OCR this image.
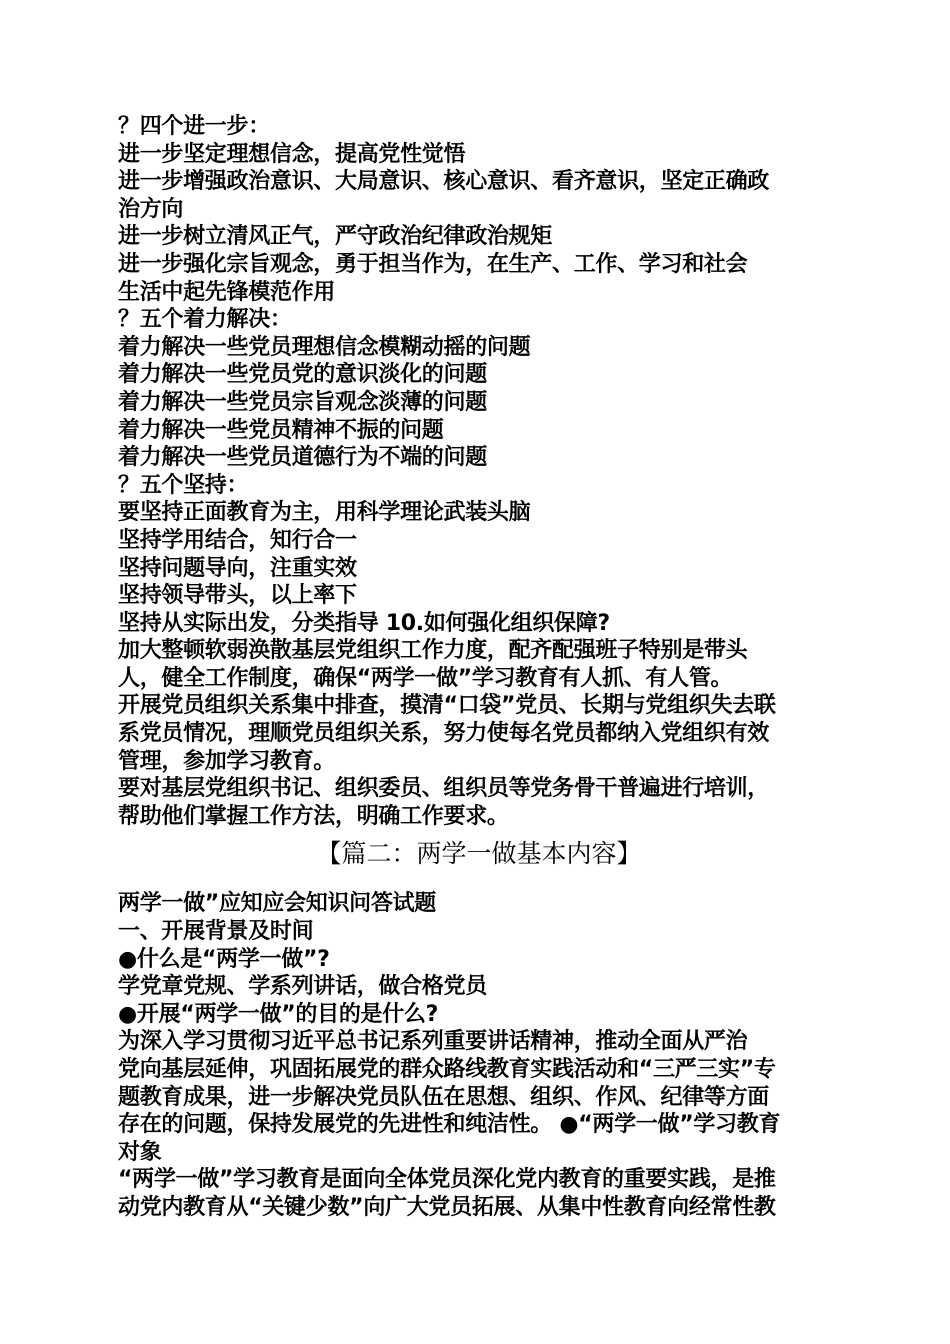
？四个进一步：
进一步坚定理想信念，提高党性觉悟
进一步增强政治意识、大局意识、核心意识、看齐意识，坚定正确政
治方向
进一步树立清风正气，严守政治纪律政治规矩
进一步强化宗旨观念，勇于担当作为，在生产、工作、学习和社会
生活中起先锋模范作用
？五个着力解决：
着力解决一些党员理想信念模糊动摇的问题
着力解决一些党员党的意识淡化的问题
着力解决一些党员宗旨观念淡薄的问题
着力解决一些党员精神不振的问题
着力解决一些党员道德行为不端的问题
？五个坚持：
要坚持正面教育为主，用科学理论武装头脑
坚持学用结合，知行合一
坚持问题导向，注重实效
坚持领导带头，以上率下
坚持从实际出发，分类指导 10.如何强化组织保障?
加大整顿软弱涣散基层党组织工作力度，配齐配强班子特别是带头
人，健全工作制度，确保“两学一做”学习教育有人抓、有人管。
开展党员组织关系集中排查，摸清“口袋”党员、长期与党组织失去联
系党员情况，理顺党员组织关系，努力使每名党员都纳入党组织有效
管理，参加学习教育。
要对基层党组织书记、组织委员、组织员等党务骨干普遍进行培训，
帮助他们掌握工作方法，明确工作要求。
【篇二：两学一做基本内容】
两学一做”应知应会知识问答试题
一、开展背景及时间
●什么是“两学一做”?
学党章党规、学系列讲话，做合格党员
●开展“两学一做”的目的是什么?
为深入学习贯彻习近平总书记系列重要讲话精神，推动全面从严治
党向基层延伸，巩固拓展党的群众路线教育实践活动和“三严三实”专
题教育成果，进一步解决党员队伍在思想、组织、作风、纪律等方面
存在的问题，保持发展党的先进性和纯洁性。 ●“两学一做”学习教育
对象
“两学一做”学习教育是面向全体党员深化党内教育的重要实践，是推
动党内教育从“关键少数”向广大党员拓展、从集中性教育向经常性教
